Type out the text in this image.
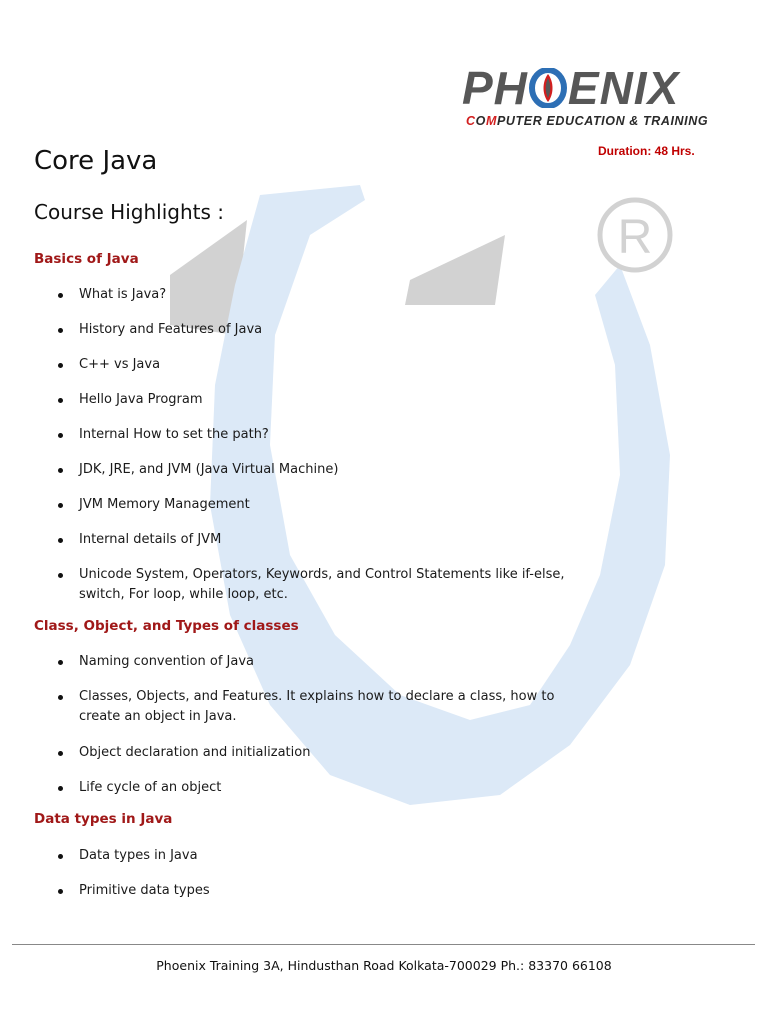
R
PH ENIX
COMPUTER EDUCATION & TRAINING
Duration: 48 Hrs.
Core Java
Course Highlights :
Basics of Java
What is Java?
History and Features of Java
C++ vs Java
Hello Java Program
Internal How to set the path?
JDK, JRE, and JVM (Java Virtual Machine)
JVM Memory Management
Internal details of JVM
Unicode System, Operators, Keywords, and Control Statements like if-else, switch, For loop, while loop, etc.
Class, Object, and Types of classes
Naming convention of Java
Classes, Objects, and Features. It explains how to declare a class, how to create an object in Java.
Object declaration and initialization
Life cycle of an object
Data types in Java
Data types in Java
Primitive data types
Phoenix Training 3A, Hindusthan Road Kolkata-700029 Ph.: 83370 66108
